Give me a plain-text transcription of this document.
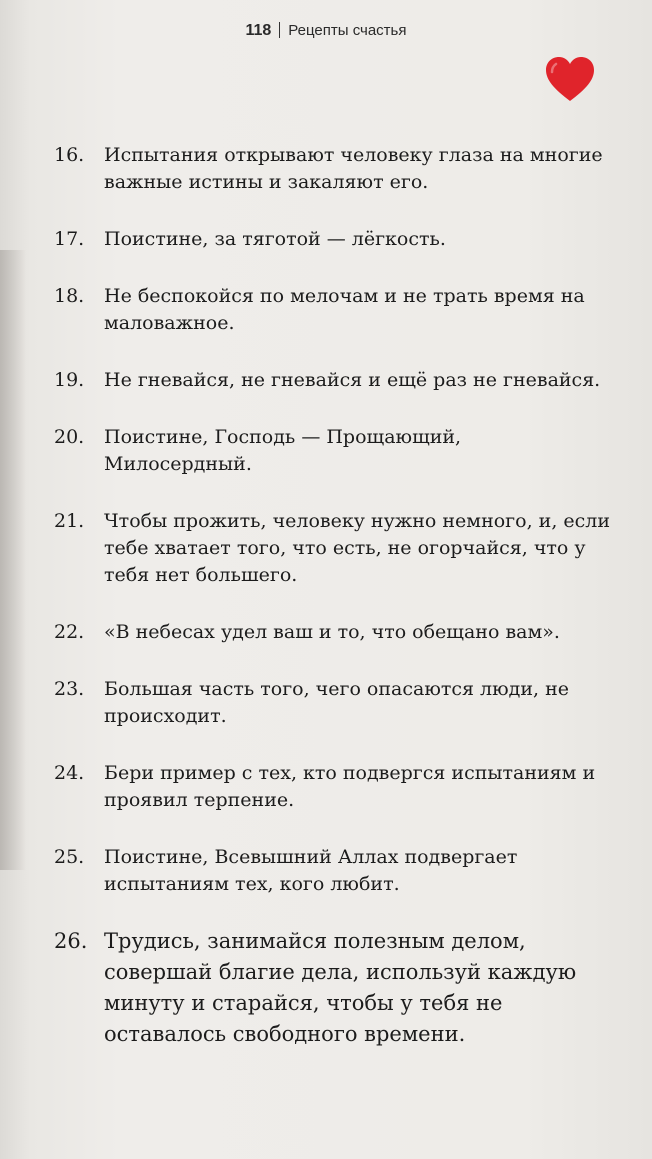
118 Рецепты счастья
16. Испытания открывают человеку глаза на многие важные истины и закаляют его.
17. Поистине, за тяготой — лёгкость.
18. Не беспокойся по мелочам и не трать время на маловажное.
19. Не гневайся, не гневайся и ещё раз не гневайся.
20. Поистине, Господь — Прощающий, Милосердный.
21. Чтобы прожить, человеку нужно немного, и, если тебе хватает того, что есть, не огорчайся, что у тебя нет большего.
22. «В небесах удел ваш и то, что обещано вам».
23. Большая часть того, чего опасаются люди, не происходит.
24. Бери пример с тех, кто подвергся испытаниям и проявил терпение.
25. Поистине, Всевышний Аллах подвергает испытаниям тех, кого любит.
26. Трудись, занимайся полезным делом, совершай благие дела, используй каждую минуту и старайся, чтобы у тебя не оставалось свободного времени.
